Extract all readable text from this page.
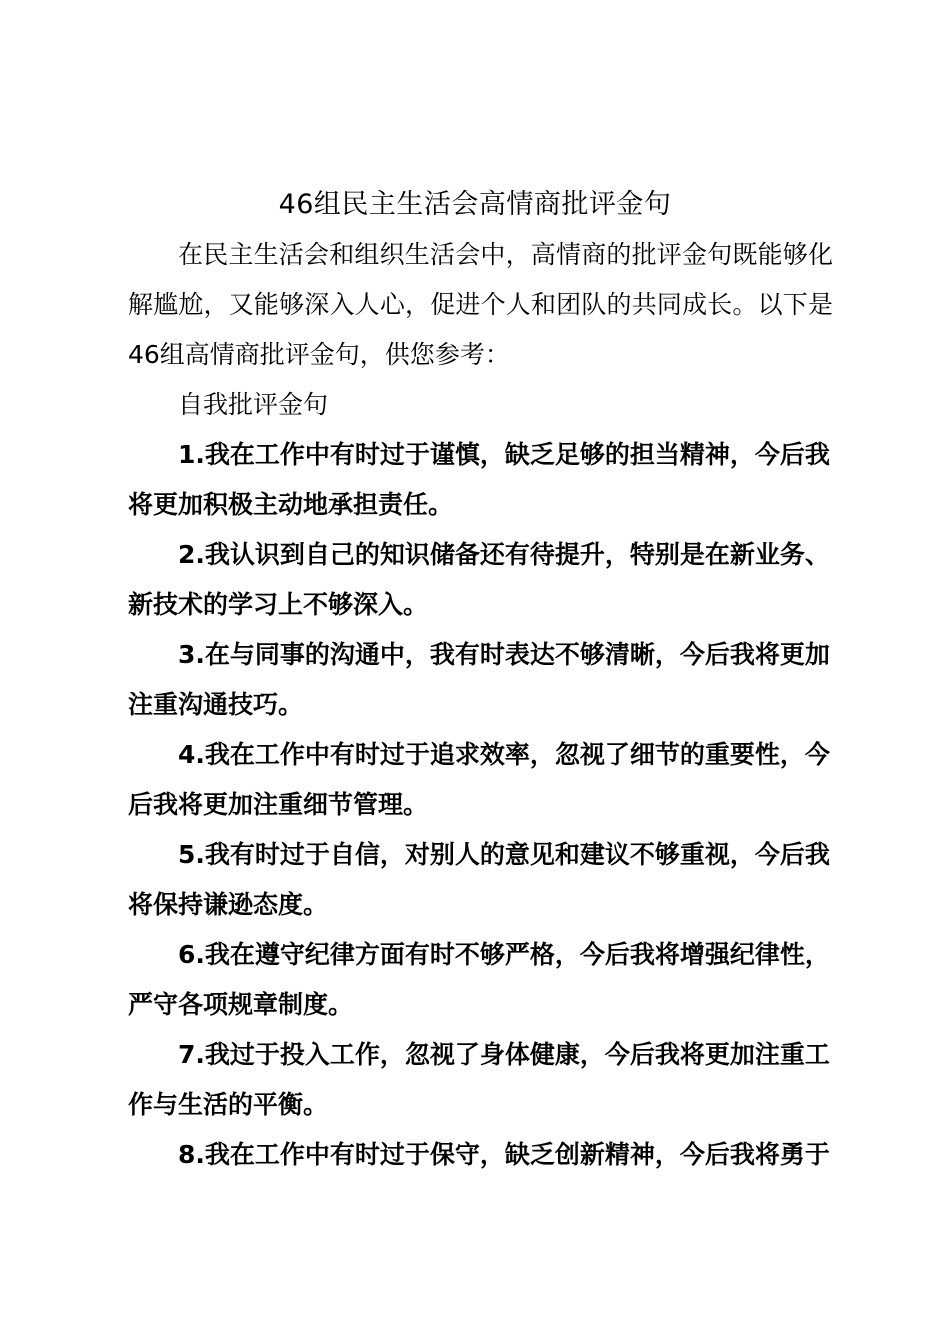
46组民主生活会高情商批评金句

在民主生活会和组织生活会中，高情商的批评金句既能够化解尴尬，又能够深入人心，促进个人和团队的共同成长。以下是46组高情商批评金句，供您参考：

自我批评金句

1.我在工作中有时过于谨慎，缺乏足够的担当精神，今后我将更加积极主动地承担责任。

2.我认识到自己的知识储备还有待提升，特别是在新业务、新技术的学习上不够深入。

3.在与同事的沟通中，我有时表达不够清晰，今后我将更加注重沟通技巧。

4.我在工作中有时过于追求效率，忽视了细节的重要性，今后我将更加注重细节管理。

5.我有时过于自信，对别人的意见和建议不够重视，今后我将保持谦逊态度。

6.我在遵守纪律方面有时不够严格，今后我将增强纪律性，严守各项规章制度。

7.我过于投入工作，忽视了身体健康，今后我将更加注重工作与生活的平衡。

8.我在工作中有时过于保守，缺乏创新精神，今后我将勇于
